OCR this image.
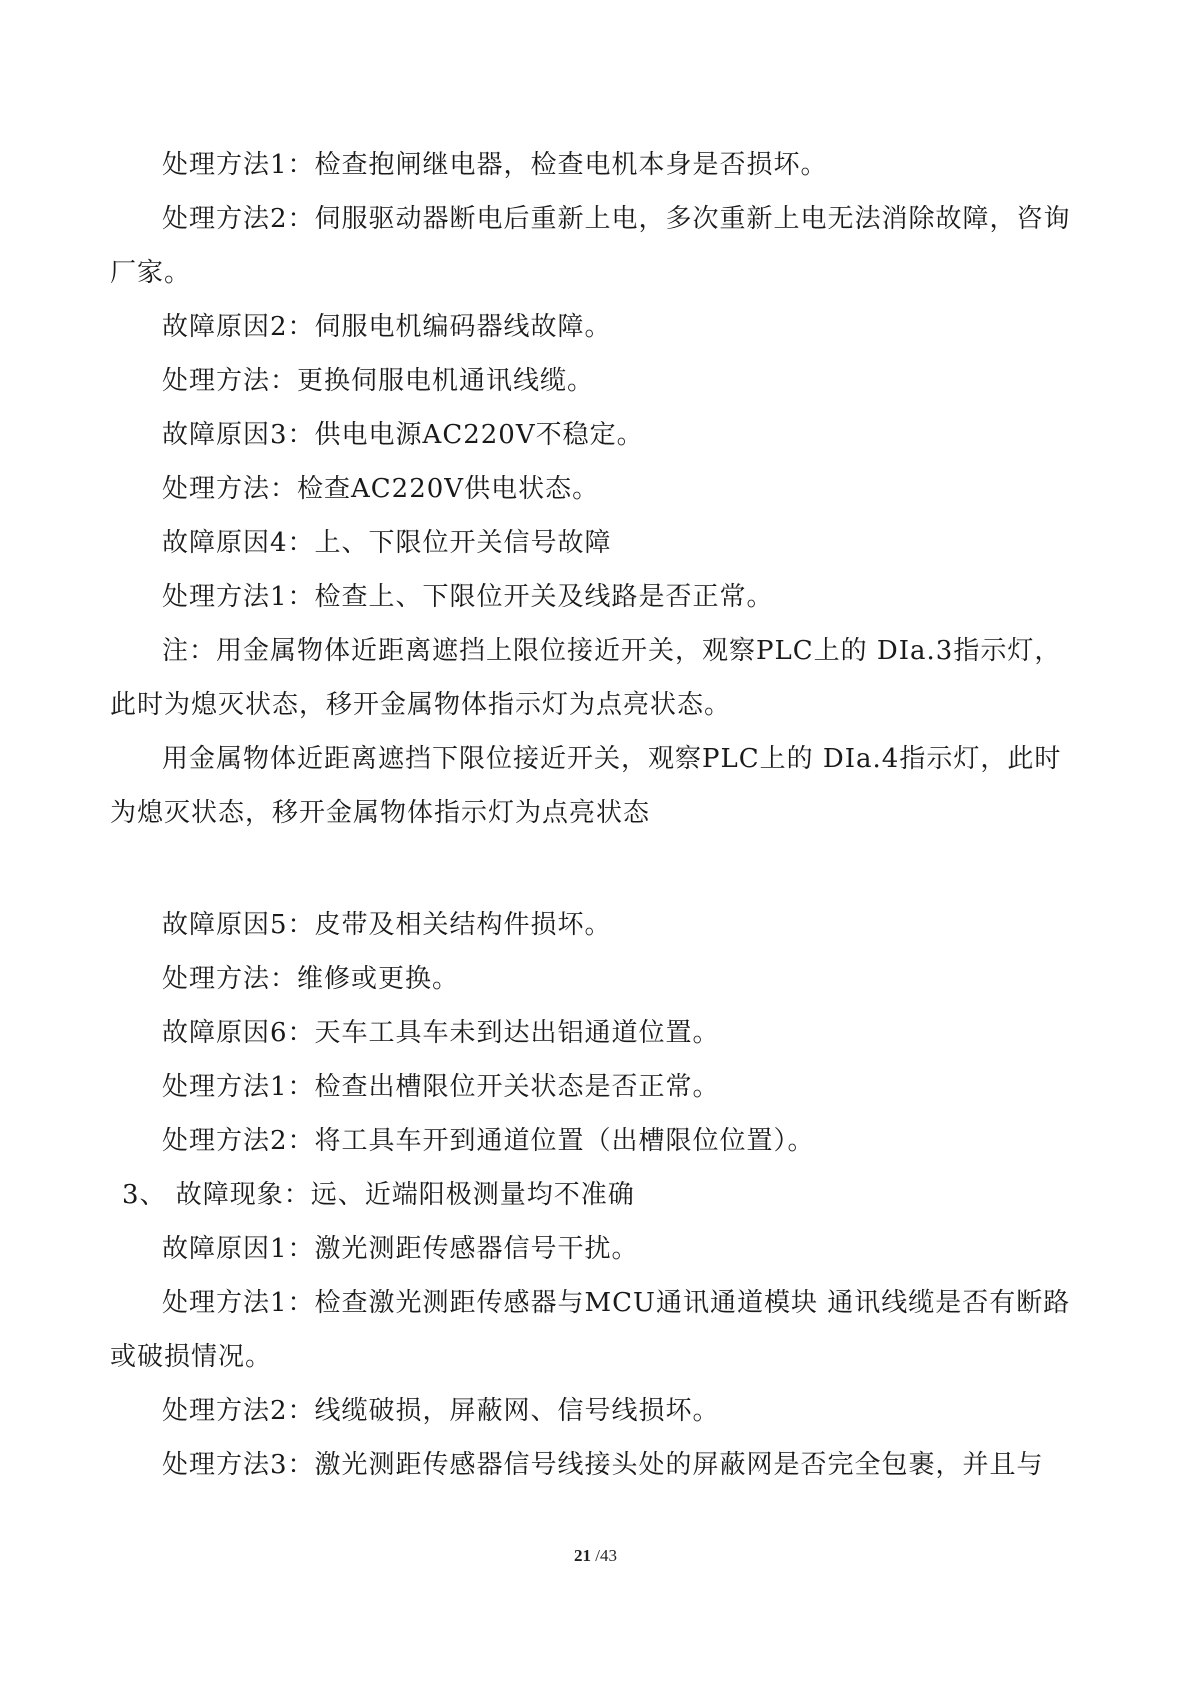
处理方法1：检查抱闸继电器，检查电机本身是否损坏。

处理方法2：伺服驱动器断电后重新上电，多次重新上电无法消除故障，咨询厂家。

故障原因2：伺服电机编码器线故障。

处理方法：更换伺服电机通讯线缆。

故障原因3：供电电源AC220V不稳定。

处理方法：检查AC220V供电状态。

故障原因4：上、下限位开关信号故障

处理方法1：检查上、下限位开关及线路是否正常。

注：用金属物体近距离遮挡上限位接近开关，观察PLC上的 DIa.3指示灯，此时为熄灭状态，移开金属物体指示灯为点亮状态。

用金属物体近距离遮挡下限位接近开关，观察PLC上的 DIa.4指示灯，此时为熄灭状态，移开金属物体指示灯为点亮状态

故障原因5：皮带及相关结构件损坏。

处理方法：维修或更换。

故障原因6：天车工具车未到达出铝通道位置。

处理方法1：检查出槽限位开关状态是否正常。

处理方法2：将工具车开到通道位置（出槽限位位置）。

3、 故障现象：远、近端阳极测量均不准确

故障原因1：激光测距传感器信号干扰。

处理方法1：检查激光测距传感器与MCU通讯通道模块 通讯线缆是否有断路或破损情况。

处理方法2：线缆破损，屏蔽网、信号线损坏。

处理方法3：激光测距传感器信号线接头处的屏蔽网是否完全包裹，并且与

21 /43
